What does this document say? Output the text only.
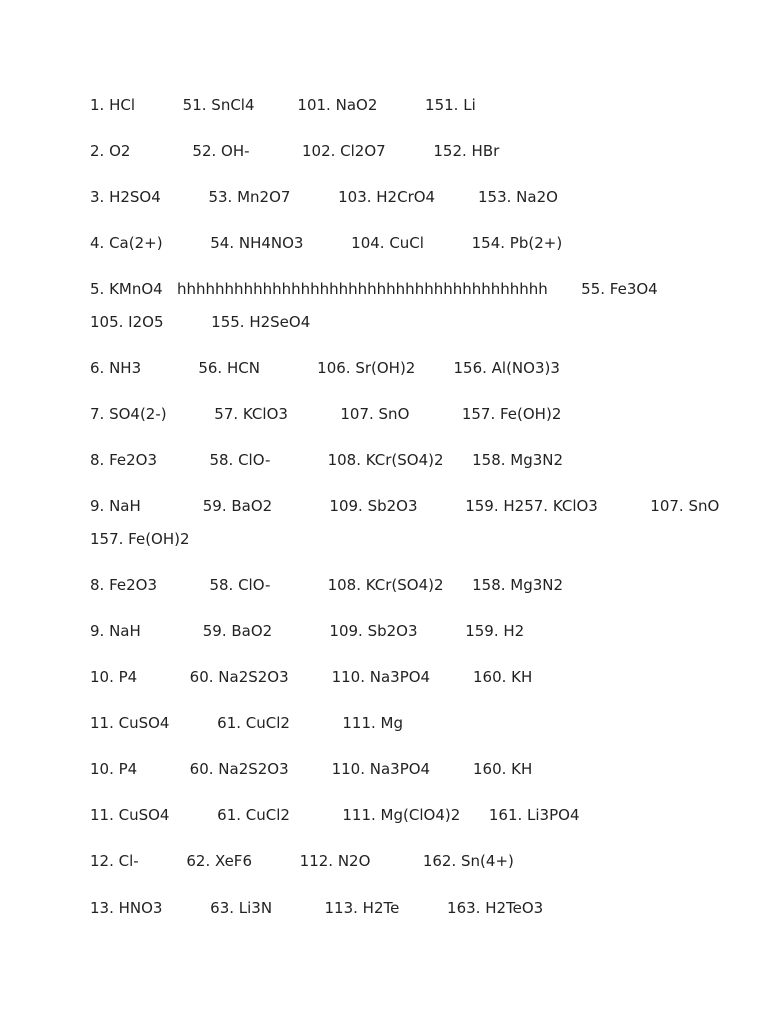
1. HCl          51. SnCl4         101. NaO2          151. Li
2. O2             52. OH-           102. Cl2O7          152. HBr
3. H2SO4          53. Mn2O7          103. H2CrO4         153. Na2O
4. Ca(2+)          54. NH4NO3          104. CuCl          154. Pb(2+)
5. KMnO4   hhhhhhhhhhhhhhhhhhhhhhhhhhhhhhhhhhhhhhh       55. Fe3O4
105. I2O5          155. H2SeO4
6. NH3            56. HCN            106. Sr(OH)2        156. Al(NO3)3
7. SO4(2-)          57. KClO3           107. SnO           157. Fe(OH)2
8. Fe2O3           58. ClO-            108. KCr(SO4)2      158. Mg3N2
9. NaH             59. BaO2            109. Sb2O3          159. H257. KClO3           107. SnO
157. Fe(OH)2
8. Fe2O3           58. ClO-            108. KCr(SO4)2      158. Mg3N2
9. NaH             59. BaO2            109. Sb2O3          159. H2
10. P4           60. Na2S2O3         110. Na3PO4         160. KH
11. CuSO4          61. CuCl2           111. Mg
10. P4           60. Na2S2O3         110. Na3PO4         160. KH
11. CuSO4          61. CuCl2           111. Mg(ClO4)2      161. Li3PO4
12. Cl-          62. XeF6          112. N2O           162. Sn(4+)
13. HNO3          63. Li3N           113. H2Te          163. H2TeO3
